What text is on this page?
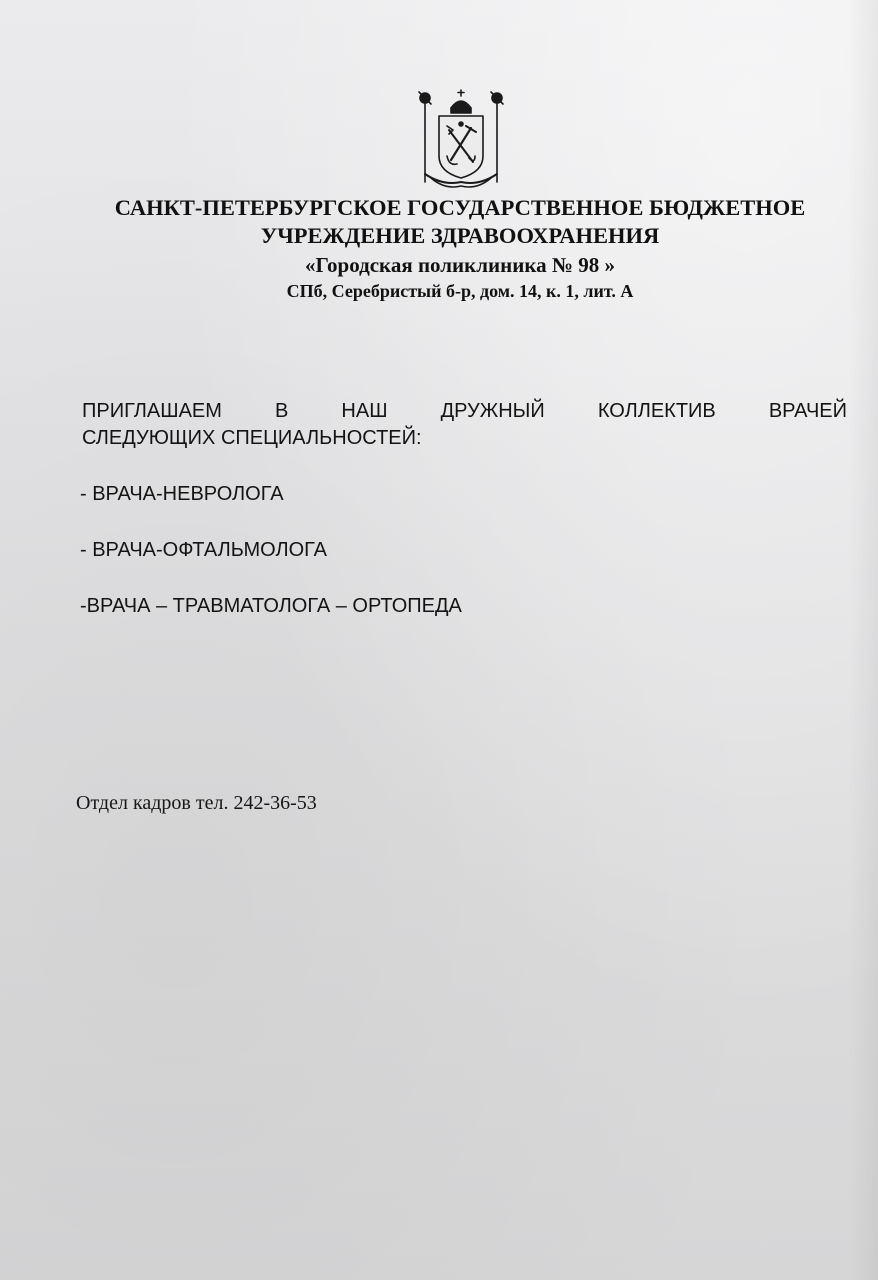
САНКТ-ПЕТЕРБУРГСКОЕ ГОСУДАРСТВЕННОЕ БЮДЖЕТНОЕ
УЧРЕЖДЕНИЕ ЗДРАВООХРАНЕНИЯ
«Городская поликлиника № 98 »
СПб, Серебристый б-р, дом. 14, к. 1, лит. А
ПРИГЛАШАЕМ В НАШ ДРУЖНЫЙ КОЛЛЕКТИВ ВРАЧЕЙ
СЛЕДУЮЩИХ СПЕЦИАЛЬНОСТЕЙ:
- ВРАЧА-НЕВРОЛОГА
- ВРАЧА-ОФТАЛЬМОЛОГА
-ВРАЧА – ТРАВМАТОЛОГА – ОРТОПЕДА
Отдел кадров тел. 242-36-53
